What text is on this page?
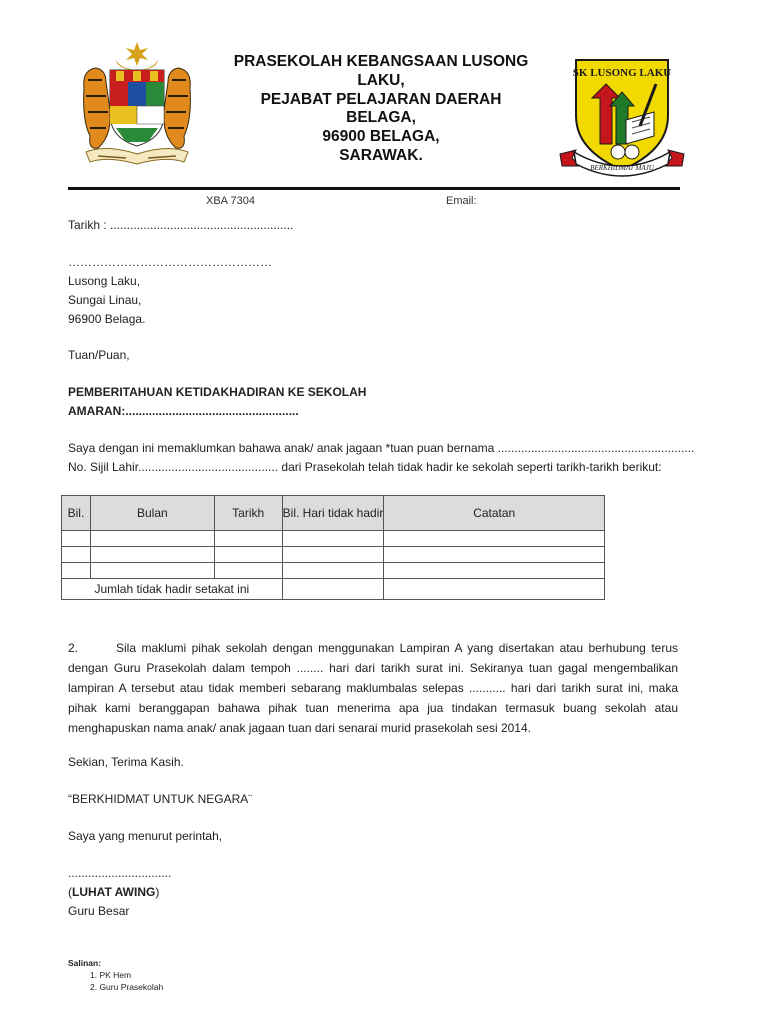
PRASEKOLAH KEBANGSAAN LUSONG
LAKU,
PEJABAT PELAJARAN DAERAH
BELAGA,
96900 BELAGA,
SARAWAK.
SK LUSONG LAKU
BERKHIDMAT MAJU
XBA 7304	Email:
Tarikh : .......................................................
……………………………………………
Lusong Laku,
Sungai Linau,
96900 Belaga.
Tuan/Puan,
PEMBERITAHUAN KETIDAKHADIRAN KE SEKOLAH
AMARAN:....................................................
Saya dengan ini memaklumkan bahawa anak/ anak jagaan *tuan puan bernama ...........................................................
No. Sijil Lahir.......................................... dari Prasekolah telah tidak hadir ke sekolah seperti tarikh-tarikh berikut:
Bil.	Bulan	Tarikh	Bil. Hari tidak hadir	Catatan

Jumlah tidak hadir setakat ini				
2.	Sila maklumi pihak sekolah dengan menggunakan Lampiran A yang disertakan atau berhubung terus dengan Guru Prasekolah dalam tempoh ........ hari dari tarikh surat ini. Sekiranya tuan gagal mengembalikan lampiran A tersebut atau tidak memberi sebarang maklumbalas selepas ........... hari dari tarikh surat ini, maka pihak kami beranggapan bahawa pihak tuan menerima apa jua tindakan termasuk buang sekolah atau menghapuskan nama anak/ anak jagaan tuan dari senarai murid prasekolah sesi 2014.
Sekian, Terima Kasih.
“BERKHIDMAT UNTUK NEGARA¨
Saya yang menurut perintah,
...............................
(LUHAT AWING)
Guru Besar
Salinan:
1. PK Hem
2. Guru Prasekolah
